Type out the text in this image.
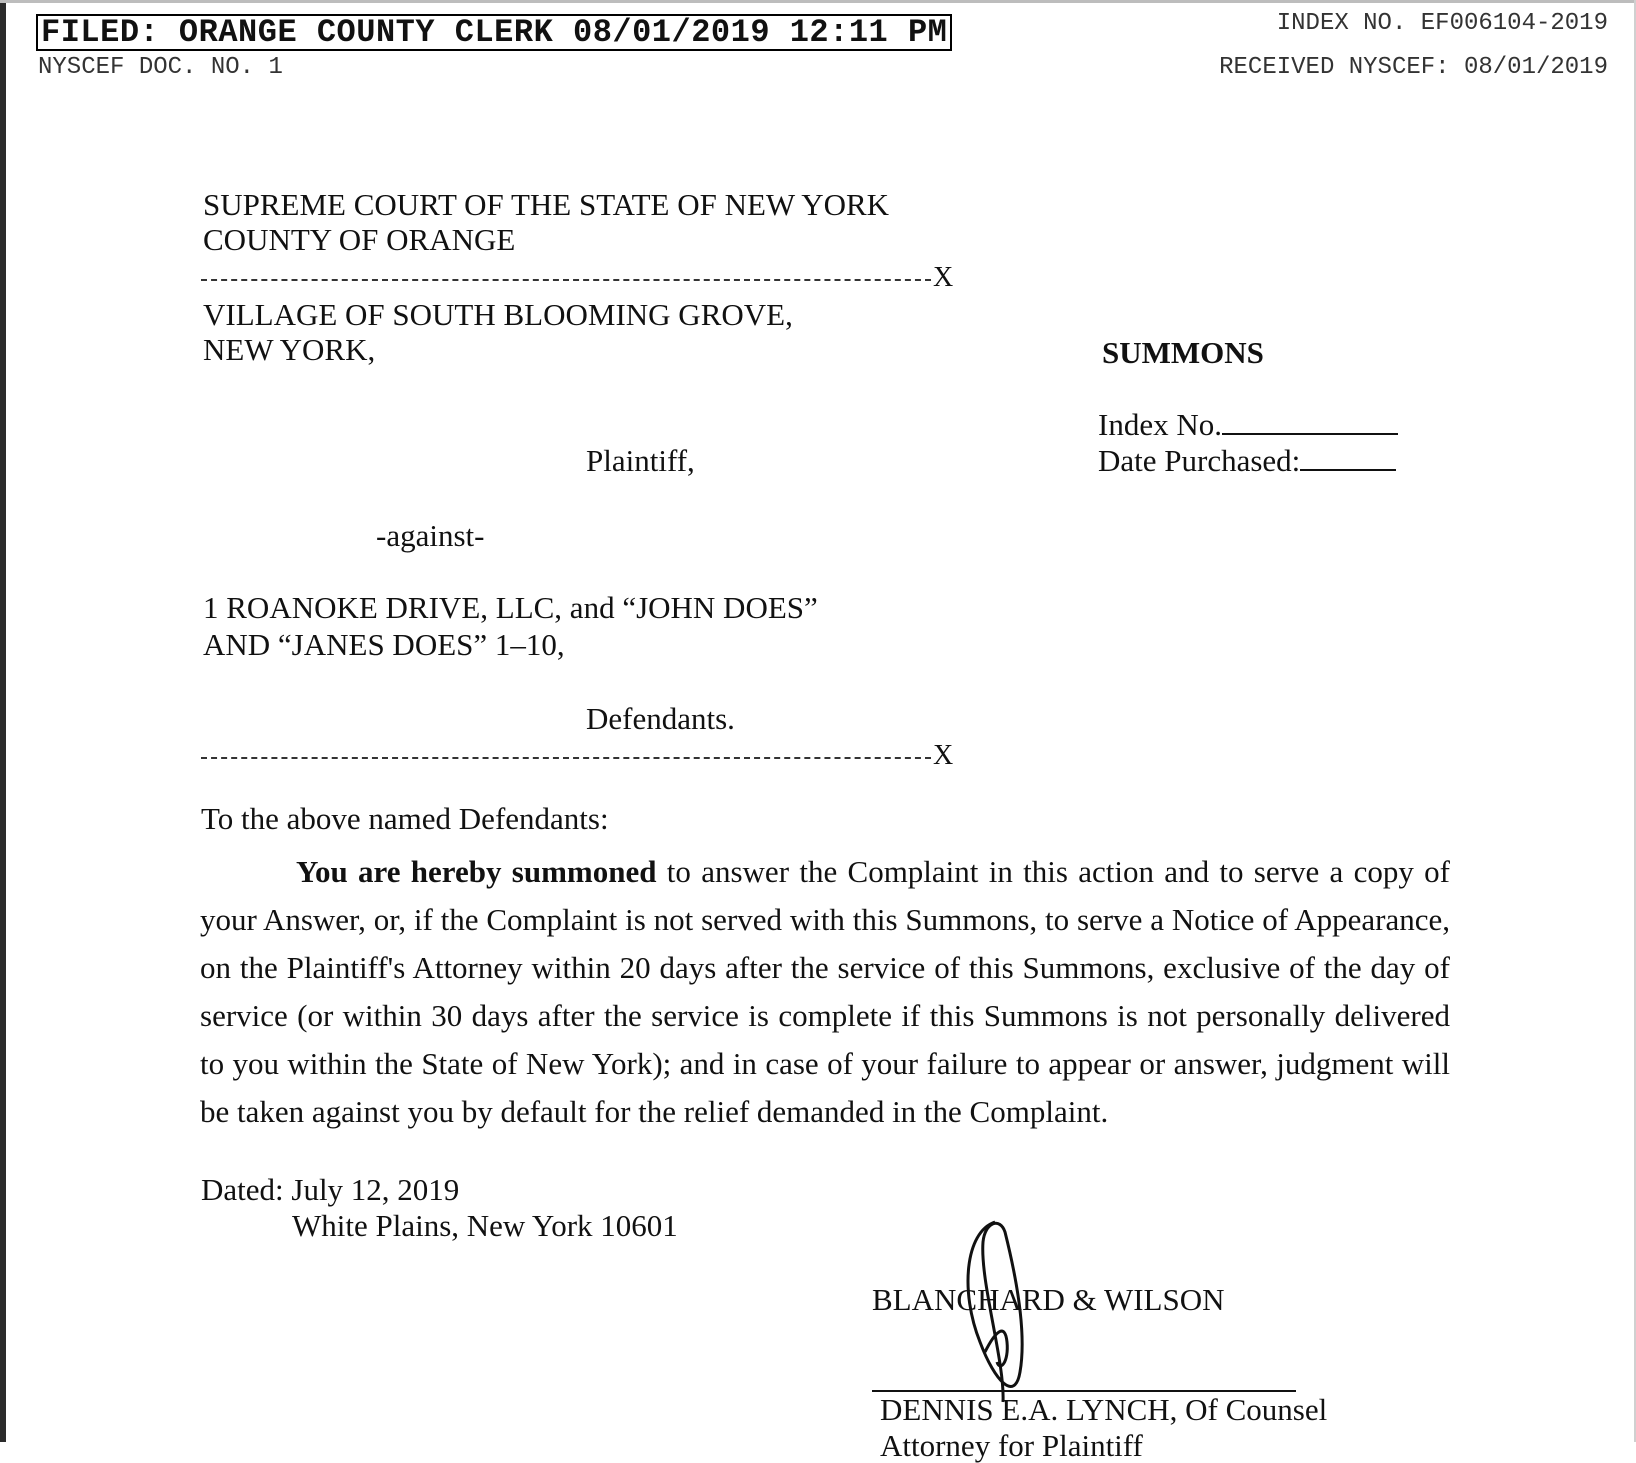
FILED: ORANGE COUNTY CLERK 08/01/2019 12:11 PM	INDEX NO. EF006104-2019
NYSCEF DOC. NO. 1	RECEIVED NYSCEF: 08/01/2019
SUPREME COURT OF THE STATE OF NEW YORK
COUNTY OF ORANGE
X
VILLAGE OF SOUTH BLOOMING GROVE,
NEW YORK,
Plaintiff,
-against-
1 ROANOKE DRIVE, LLC, and “JOHN DOES”
AND “JANES DOES” 1–10,
Defendants.
X
SUMMONS
Index No.
Date Purchased:
To the above named Defendants:
You are hereby summoned to answer the Complaint in this action and to serve a copy of your Answer, or, if the Complaint is not served with this Summons, to serve a Notice of Appearance, on the Plaintiff's Attorney within 20 days after the service of this Summons, exclusive of the day of service (or within 30 days after the service is complete if this Summons is not personally delivered to you within the State of New York); and in case of your failure to appear or answer, judgment will be taken against you by default for the relief demanded in the Complaint.
Dated: July 12, 2019
White Plains, New York 10601
BLANCHARD & WILSON
DENNIS E.A. LYNCH, Of Counsel
Attorney for Plaintiff
